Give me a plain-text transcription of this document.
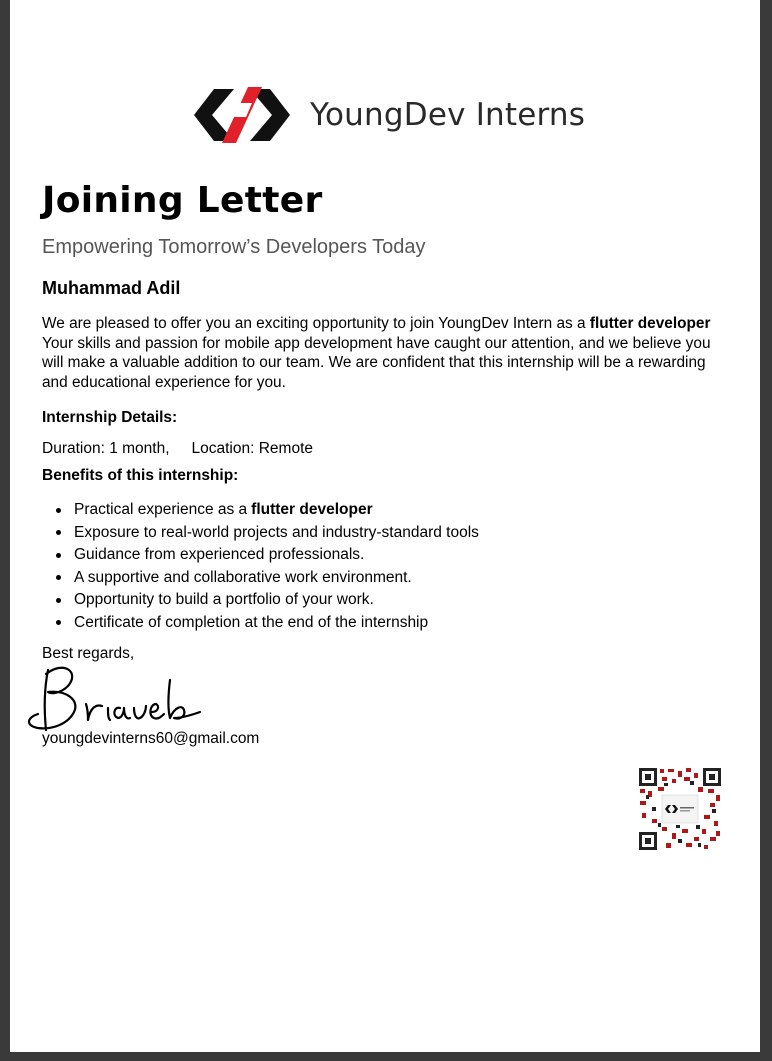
YoungDev Interns
Joining Letter
Empowering Tomorrow’s Developers Today
Muhammad Adil
We are pleased to offer you an exciting opportunity to join YoungDev Intern as a flutter developer Your skills and passion for mobile app development have caught our attention, and we believe you will make a valuable addition to our team. We are confident that this internship will be a rewarding and educational experience for you.
Internship Details:
Duration: 1 month, Location: Remote
Benefits of this internship:
Practical experience as a flutter developer
Exposure to real-world projects and industry-standard tools
Guidance from experienced professionals.
A supportive and collaborative work environment.
Opportunity to build a portfolio of your work.
Certificate of completion at the end of the internship
Best regards,
youngdevinterns60@gmail.com
